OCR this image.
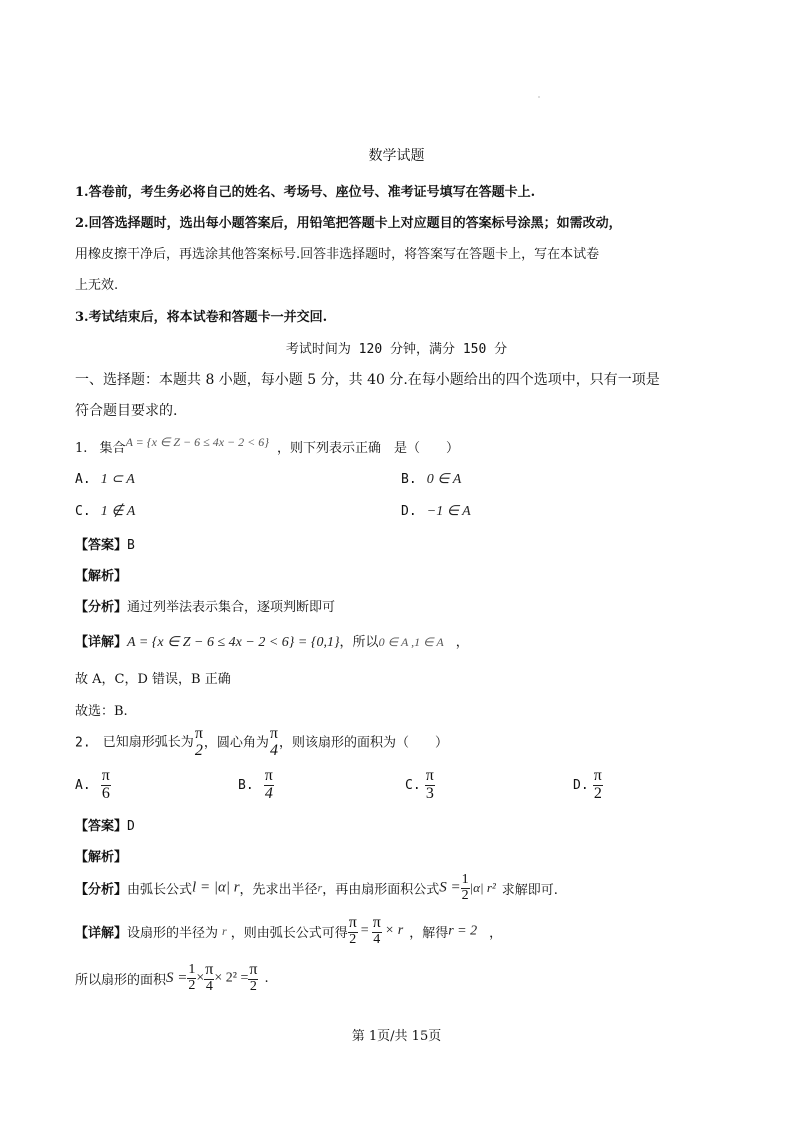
数学试题
1.答卷前，考生务必将自己的姓名、考场号、座位号、准考证号填写在答题卡上.
2.回答选择题时，选出每小题答案后，用铅笔把答题卡上对应题目的答案标号涂黑；如需改动，
用橡皮擦干净后，再选涂其他答案标号.回答非选择题时，将答案写在答题卡上，写在本试卷
上无效.
3.考试结束后，将本试卷和答题卡一并交回.
考试时间为 120 分钟，满分 150 分
一、选择题：本题共 8 小题，每小题 5 分，共 40 分.在每小题给出的四个选项中，只有一项是
符合题目要求的.
1. 集合A = {x ∈ Z − 6 ≤ 4x − 2 < 6} ，则下列表示正确　是（　　）
A. 1 ⊂ A	B. 0 ∈ A
C. 1 ∉ A	D. −1 ∈ A
【答案】B
【解析】
【分析】通过列举法表示集合，逐项判断即可
【详解】A = {x ∈ Z − 6 ≤ 4x − 2 < 6} = {0,1}，所以0 ∈ A ,1 ∈ A ，
故 A，C，D 错误，B 正确
故选：B.
2. 已知扇形弧长为
π
2 ，圆心角为
π
4 ，则该扇形的面积为（　　）
A. $\frac{\pi}{6}$	B. $\frac{\pi}{4}$	C. $\frac{\pi}{3}$	D. $\frac{\pi}{2}$
【答案】D
【解析】
【分析】由弧长公式l = |α| r，先求出半径r，再由扇形面积公式$S = \frac{1}{2} |\alpha|$ r² 求解即可.
【详解】设扇形的半径为 r ，则由弧长公式可得 $\frac{\pi}{2} = \frac{\pi}{4} \times r$ ，解得r = 2 ，
所以扇形的面积$S = \frac{1}{2} \times \frac{\pi}{4} \times 2^2 = \frac{\pi}{2}$ .
第 1页/共 15页
